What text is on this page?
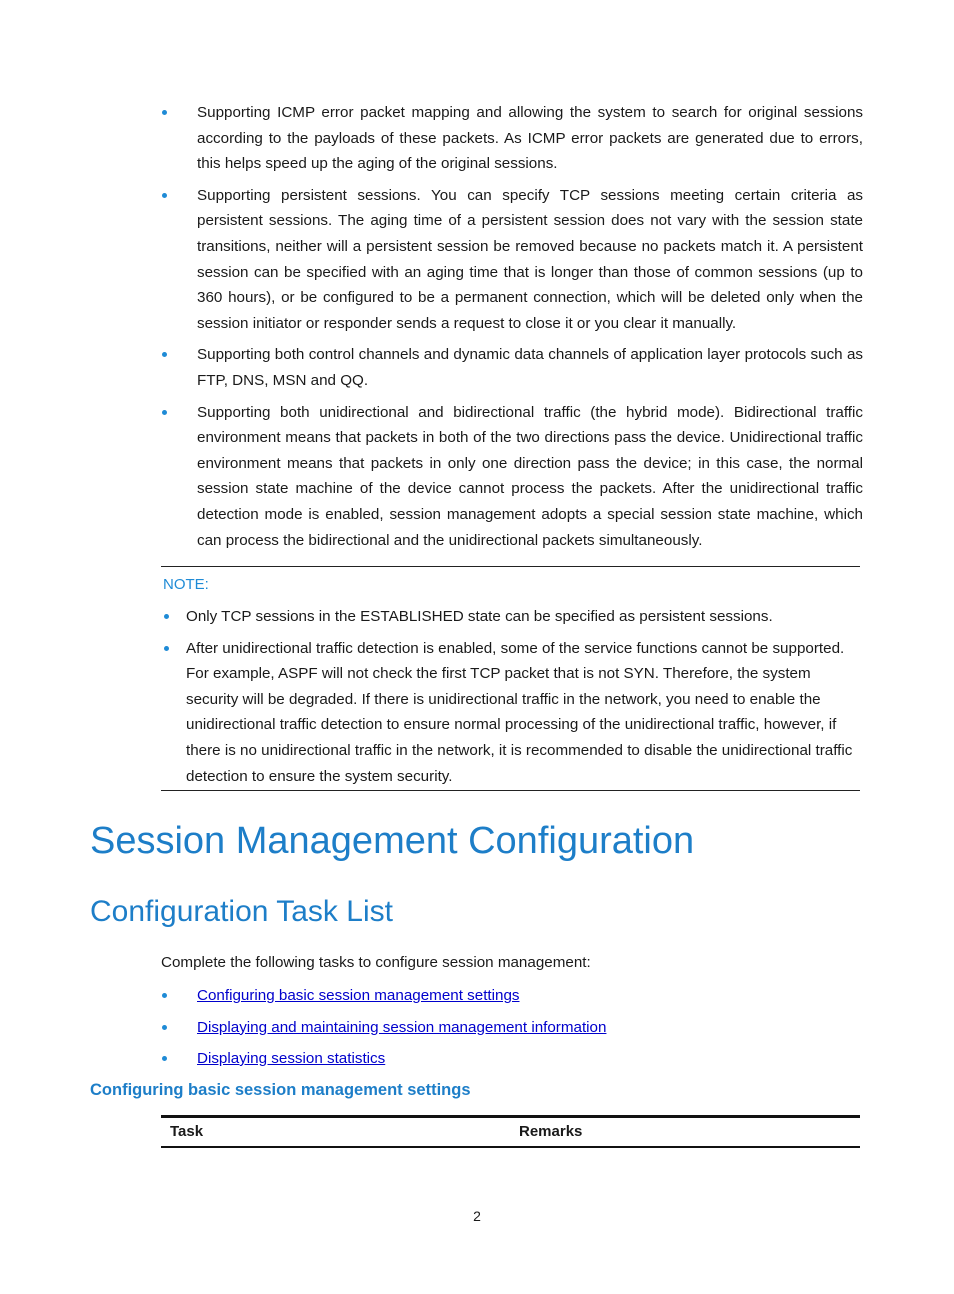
Supporting ICMP error packet mapping and allowing the system to search for original sessions according to the payloads of these packets. As ICMP error packets are generated due to errors, this helps speed up the aging of the original sessions.
Supporting persistent sessions. You can specify TCP sessions meeting certain criteria as persistent sessions. The aging time of a persistent session does not vary with the session state transitions, neither will a persistent session be removed because no packets match it. A persistent session can be specified with an aging time that is longer than those of common sessions (up to 360 hours), or be configured to be a permanent connection, which will be deleted only when the session initiator or responder sends a request to close it or you clear it manually.
Supporting both control channels and dynamic data channels of application layer protocols such as FTP, DNS, MSN and QQ.
Supporting both unidirectional and bidirectional traffic (the hybrid mode). Bidirectional traffic environment means that packets in both of the two directions pass the device. Unidirectional traffic environment means that packets in only one direction pass the device; in this case, the normal session state machine of the device cannot process the packets. After the unidirectional traffic detection mode is enabled, session management adopts a special session state machine, which can process the bidirectional and the unidirectional packets simultaneously.
NOTE:
Only TCP sessions in the ESTABLISHED state can be specified as persistent sessions.
After unidirectional traffic detection is enabled, some of the service functions cannot be supported. For example, ASPF will not check the first TCP packet that is not SYN. Therefore, the system security will be degraded. If there is unidirectional traffic in the network, you need to enable the unidirectional traffic detection to ensure normal processing of the unidirectional traffic, however, if there is no unidirectional traffic in the network, it is recommended to disable the unidirectional traffic detection to ensure the system security.
Session Management Configuration
Configuration Task List
Complete the following tasks to configure session management:
Configuring basic session management settings
Displaying and maintaining session management information
Displaying session statistics
Configuring basic session management settings
Task	Remarks
2
